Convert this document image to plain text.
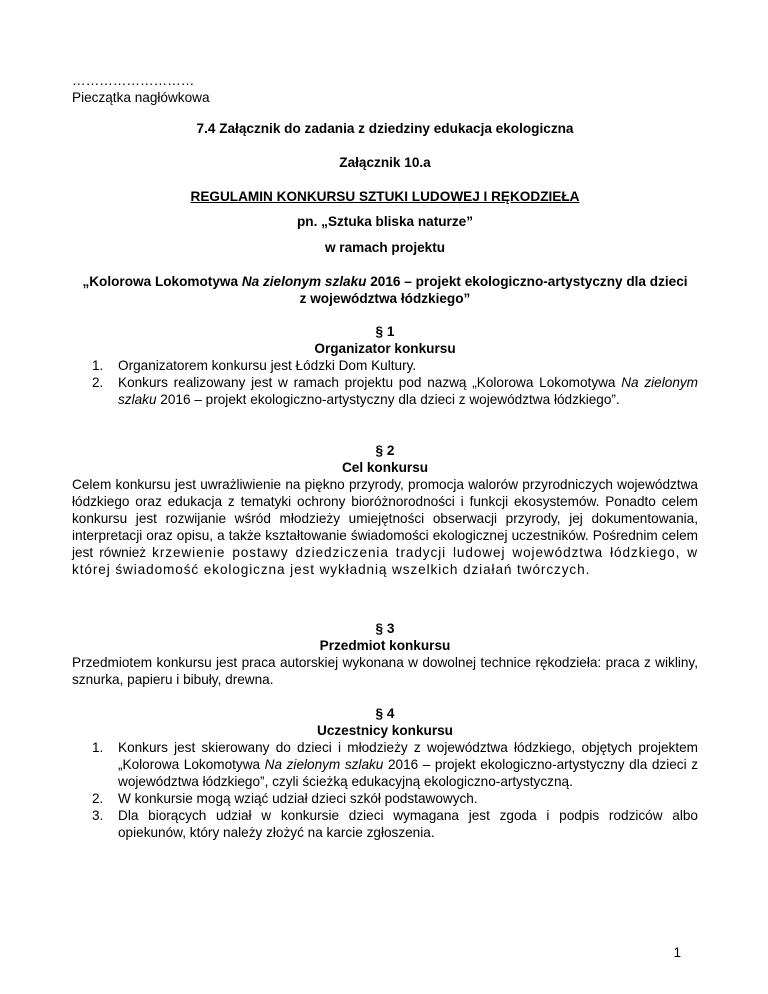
………………………
Pieczątka nagłówkowa
7.4 Załącznik do zadania z dziedziny edukacja ekologiczna
Załącznik 10.a
REGULAMIN KONKURSU SZTUKI LUDOWEJ I RĘKODZIEŁA
pn. „Sztuka bliska naturze”
w ramach projektu
„Kolorowa Lokomotywa Na zielonym szlaku 2016 – projekt ekologiczno-artystyczny dla dzieci
z województwa łódzkiego”
§ 1
Organizator konkursu
1. Organizatorem konkursu jest Łódzki Dom Kultury.
2. Konkurs realizowany jest w ramach projektu pod nazwą „Kolorowa Lokomotywa Na zielonym szlaku 2016 – projekt ekologiczno-artystyczny dla dzieci z województwa łódzkiego”.
§ 2
Cel konkursu
Celem konkursu jest uwrażliwienie na piękno przyrody, promocja walorów przyrodniczych województwa łódzkiego oraz edukacja z tematyki ochrony bioróżnorodności i funkcji ekosystemów. Ponadto celem konkursu jest rozwijanie wśród młodzieży umiejętności obserwacji przyrody, jej dokumentowania, interpretacji oraz opisu, a także kształtowanie świadomości ekologicznej uczestników. Pośrednim celem jest również krzewienie postawy dziedziczenia tradycji ludowej województwa łódzkiego, w której świadomość ekologiczna jest wykładnią wszelkich działań twórczych.
§ 3
Przedmiot konkursu
Przedmiotem konkursu jest praca autorskiej wykonana w dowolnej technice rękodzieła: praca z wikliny, sznurka, papieru i bibuły, drewna.
§ 4
Uczestnicy konkursu
1. Konkurs jest skierowany do dzieci i młodzieży z województwa łódzkiego, objętych projektem „Kolorowa Lokomotywa Na zielonym szlaku 2016 – projekt ekologiczno-artystyczny dla dzieci z województwa łódzkiego”, czyli ścieżką edukacyjną ekologiczno-artystyczną.
2. W konkursie mogą wziąć udział dzieci szkół podstawowych.
3. Dla biorących udział w konkursie dzieci wymagana jest zgoda i podpis rodziców albo opiekunów, który należy złożyć na karcie zgłoszenia.
1
